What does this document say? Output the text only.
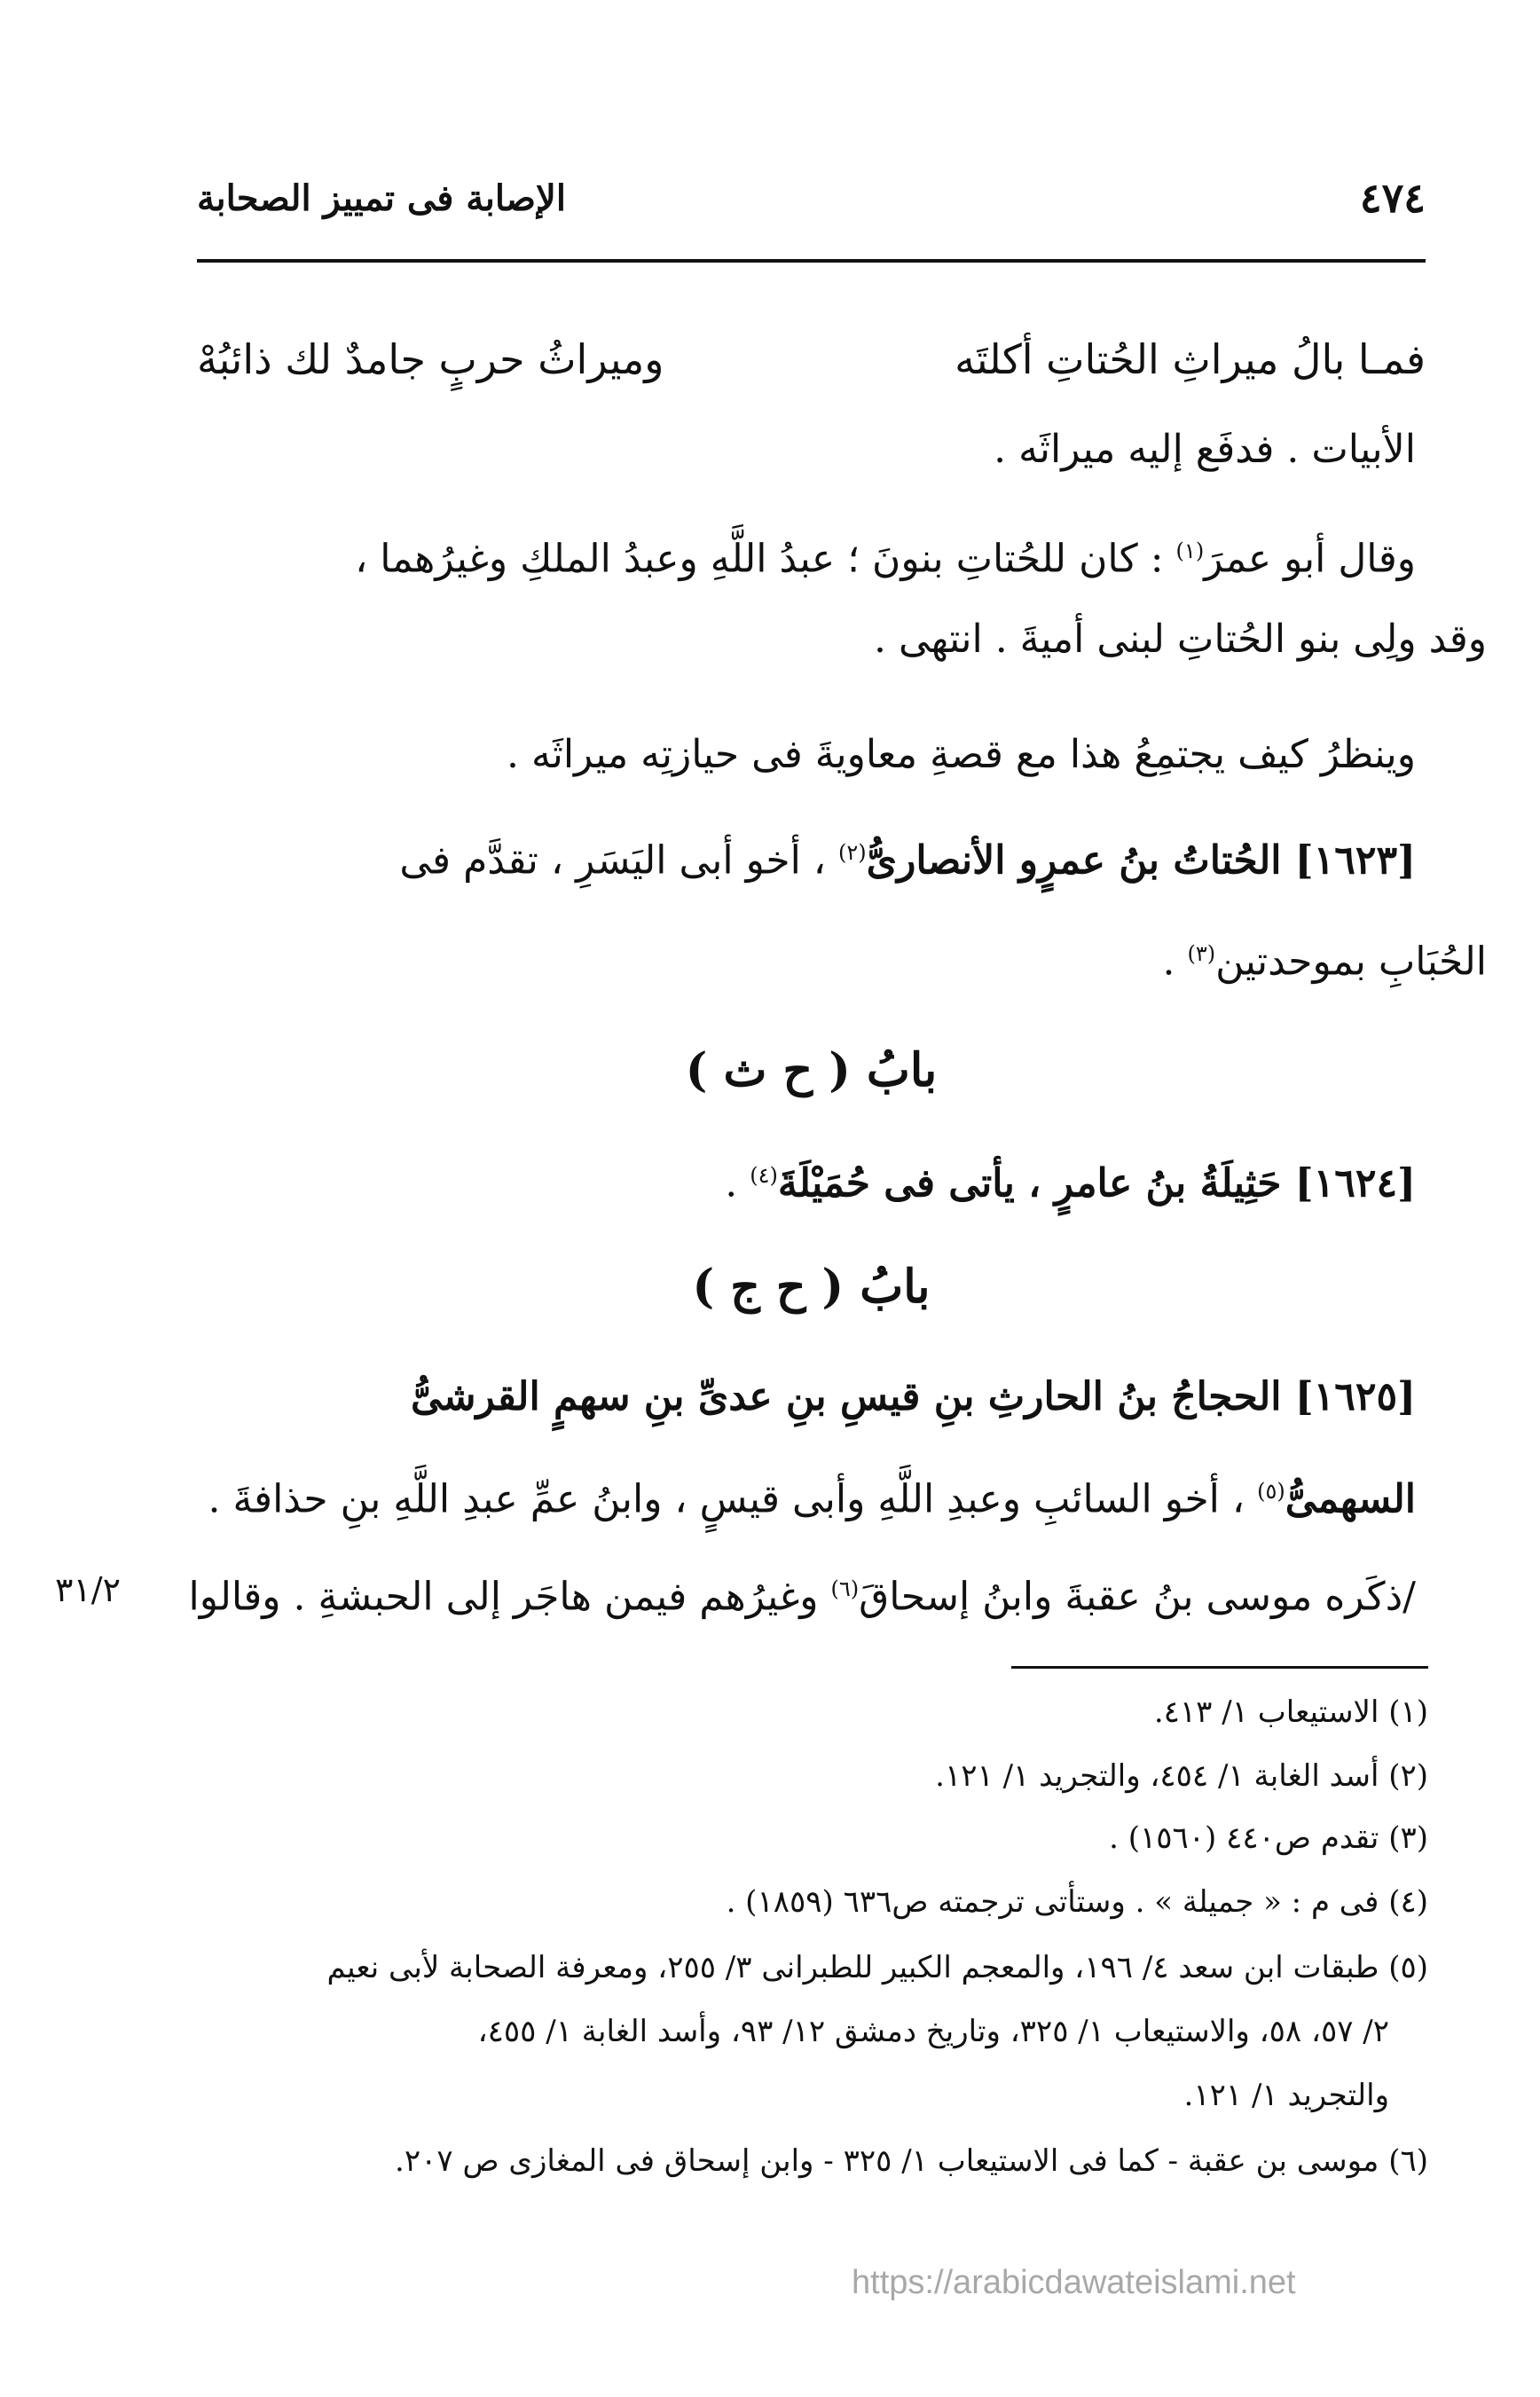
٤٧٤
الإصابة فى تمييز الصحابة
فمـا بالُ ميراثِ الحُتاتِ أكلتَه
وميراثُ حربٍ جامدٌ لك ذائبُهْ
الأبيات . فدفَع إليه ميراثَه .
وقال أبو عمرَ$^{(١)}$ : كان للحُتاتِ بنونَ ؛ عبدُ اللَّهِ وعبدُ الملكِ وغيرُهما ،
وقد ولِى بنو الحُتاتِ لبنى أميةَ . انتهى .
وينظرُ كيف يجتمِعُ هذا مع قصةِ معاويةَ فى حيازتِه ميراثَه .
[١٦٢٣] الحُتاتُ بنُ عمرٍو الأنصارىُّ$^{(٢)}$ ، أخو أبى اليَسَرِ ، تقدَّم فى
الحُبَابِ بموحدتين$^{(٣)}$ .
بابُ ( ح ث )
[١٦٢٤] حَثِيلَةُ بنُ عامرٍ ، يأتى فى حُمَيْلَةَ$^{(٤)}$ .
بابُ ( ح ج )
[١٦٢٥] الحجاجُ بنُ الحارثِ بنِ قيسِ بنِ عدىِّ بنِ سهمٍ القرشىُّ
السهمىُّ$^{(٥)}$ ، أخو السائبِ وعبدِ اللَّهِ وأبى قيسٍ ، وابنُ عمِّ عبدِ اللَّهِ بنِ حذافةَ .
/ذكَره موسى بنُ عقبةَ وابنُ إسحاقَ$^{(٦)}$ وغيرُهم فيمن هاجَر إلى الحبشةِ . وقالوا
٣١/٢
(١) الاستيعاب ١/ ٤١٣.
(٢) أسد الغابة ١/ ٤٥٤، والتجريد ١/ ١٢١.
(٣) تقدم ص٤٤٠ (١٥٦٠) .
(٤) فى م : « جميلة » . وستأتى ترجمته ص٦٣٦ (١٨٥٩) .
(٥) طبقات ابن سعد ٤/ ١٩٦، والمعجم الكبير للطبرانى ٣/ ٢٥٥، ومعرفة الصحابة لأبى نعيم
٢/ ٥٧، ٥٨، والاستيعاب ١/ ٣٢٥، وتاريخ دمشق ١٢/ ٩٣، وأسد الغابة ١/ ٤٥٥،
والتجريد ١/ ١٢١.
(٦) موسى بن عقبة - كما فى الاستيعاب ١/ ٣٢٥ - وابن إسحاق فى المغازى ص ٢٠٧.
https://arabicdawateislami.net
